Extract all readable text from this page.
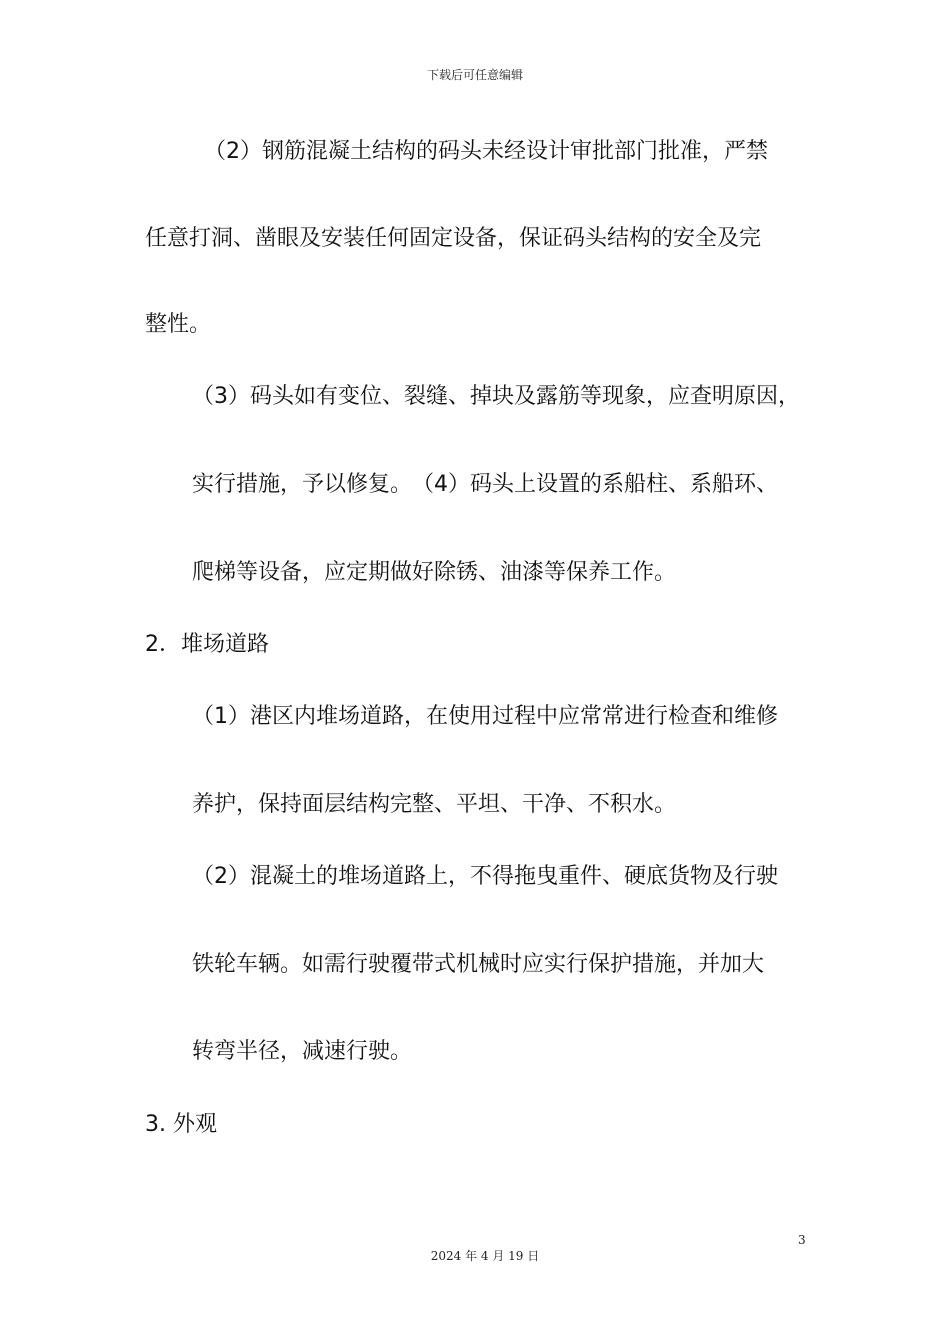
下载后可任意编辑
（2）钢筋混凝土结构的码头未经设计审批部门批准，严禁
任意打洞、凿眼及安装任何固定设备，保证码头结构的安全及完
整性。
（3）码头如有变位、裂缝、掉块及露筋等现象，应查明原因，
实行措施，予以修复。　（4）码头上设置的系船柱、系船环、
爬梯等设备，应定期做好除锈、油漆等保养工作。
2．堆场道路
（1）港区内堆场道路，在使用过程中应常常进行检查和维修
养护，保持面层结构完整、平坦、干净、不积水。
（2）混凝土的堆场道路上，不得拖曳重件、硬底货物及行驶
铁轮车辆。如需行驶覆带式机械时应实行保护措施，并加大
转弯半径，减速行驶。
3. 外观
3
2024 年 4 月 19 日
